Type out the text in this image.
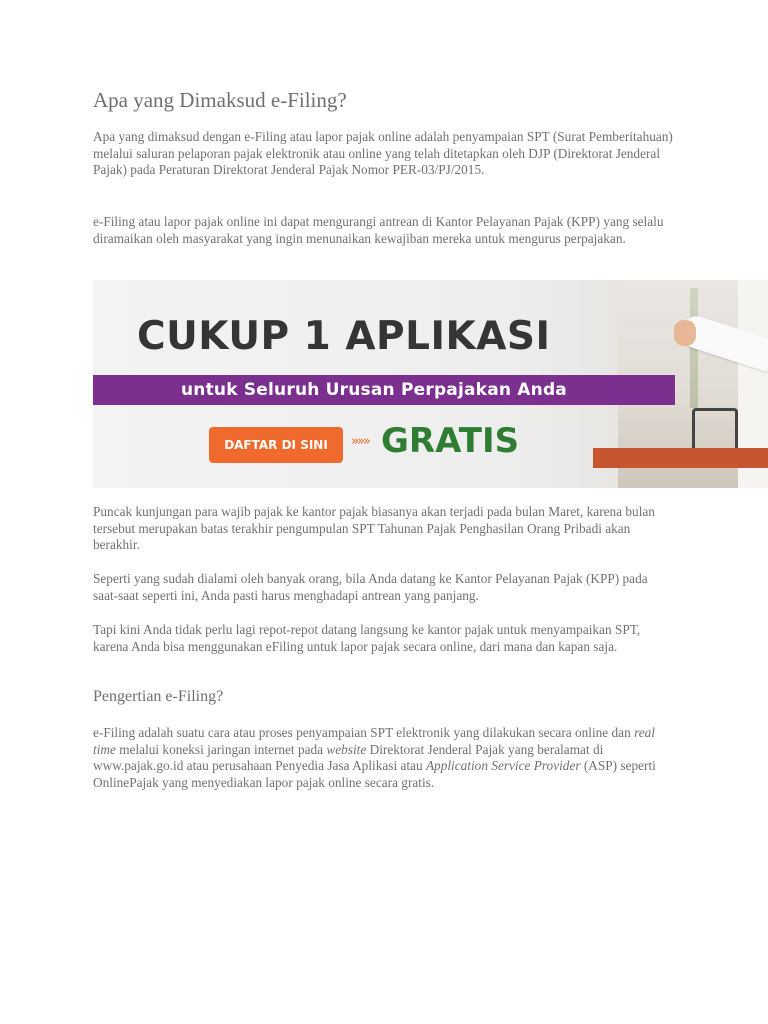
Apa yang Dimaksud e-Filing?

Apa yang dimaksud dengan e-Filing atau lapor pajak online adalah penyampaian SPT (Surat Pemberitahuan) melalui saluran pelaporan pajak elektronik atau online yang telah ditetapkan oleh DJP (Direktorat Jenderal Pajak) pada Peraturan Direktorat Jenderal Pajak Nomor PER-03/PJ/2015.

e-Filing atau lapor pajak online ini dapat mengurangi antrean di Kantor Pelayanan Pajak (KPP) yang selalu diramaikan oleh masyarakat yang ingin menunaikan kewajiban mereka untuk mengurus perpajakan.

CUKUP 1 APLIKASI
untuk Seluruh Urusan Perpajakan Anda
DAFTAR DI SINI	»»» GRATIS

Puncak kunjungan para wajib pajak ke kantor pajak biasanya akan terjadi pada bulan Maret, karena bulan tersebut merupakan batas terakhir pengumpulan SPT Tahunan Pajak Penghasilan Orang Pribadi akan berakhir.

Seperti yang sudah dialami oleh banyak orang, bila Anda datang ke Kantor Pelayanan Pajak (KPP) pada saat-saat seperti ini, Anda pasti harus menghadapi antrean yang panjang.

Tapi kini Anda tidak perlu lagi repot-repot datang langsung ke kantor pajak untuk menyampaikan SPT, karena Anda bisa menggunakan eFiling untuk lapor pajak secara online, dari mana dan kapan saja.

Pengertian e-Filing?

e-Filing adalah suatu cara atau proses penyampaian SPT elektronik yang dilakukan secara online dan real time melalui koneksi jaringan internet pada website Direktorat Jenderal Pajak yang beralamat di www.pajak.go.id atau perusahaan Penyedia Jasa Aplikasi atau Application Service Provider (ASP) seperti OnlinePajak yang menyediakan lapor pajak online secara gratis.
